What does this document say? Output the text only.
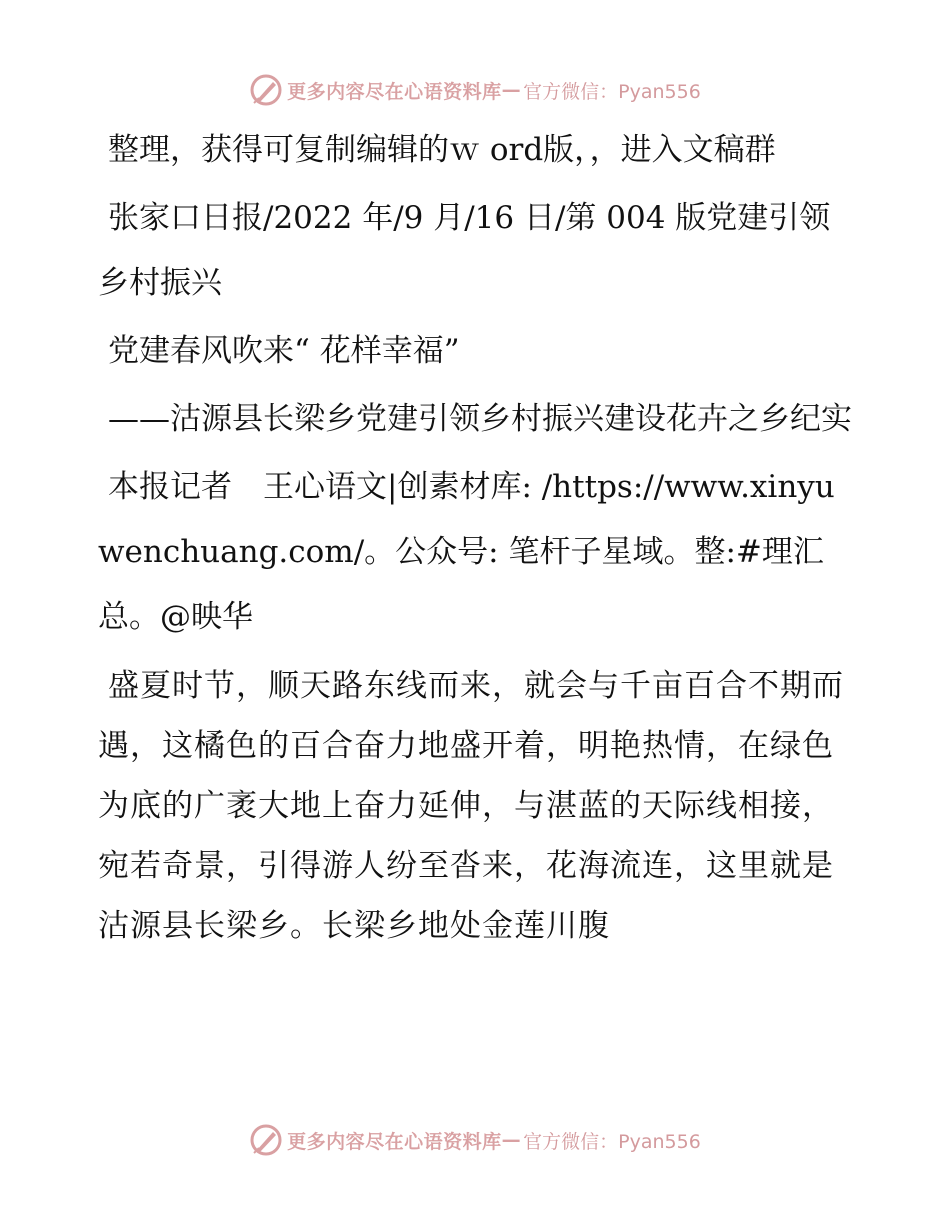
更多内容尽在心语资料库 — 官方微信：Pyan556

整理，获得可复制编辑的ｗ ord版，，进入文稿群

张家口日报/2022 年/9 月/16 日/第 004 版党建引领乡村振兴

党建春风吹来“ 花样幸福”

——沽源县长梁乡党建引领乡村振兴建设花卉之乡纪实

本报记者　王心语文|创素材库: /https://www.xinyuwenchuang.com/。公众号: 笔杆子星域。整:#理汇总。@映华

盛夏时节，顺天路东线而来，就会与千亩百合不期而遇，这橘色的百合奋力地盛开着，明艳热情，在绿色为底的广袤大地上奋力延伸，与湛蓝的天际线相接，宛若奇景，引得游人纷至沓来，花海流连，这里就是沽源县长梁乡。长梁乡地处金莲川腹

更多内容尽在心语资料库 — 官方微信：Pyan556
